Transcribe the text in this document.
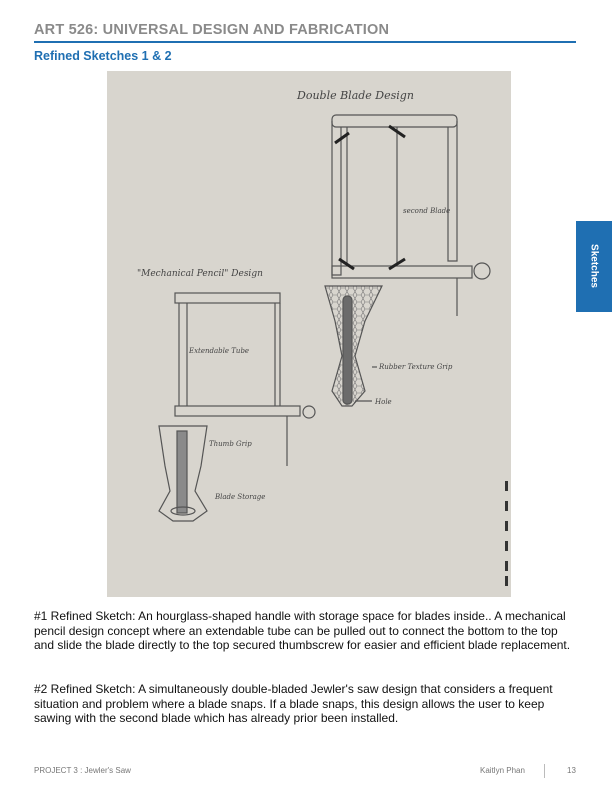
ART 526: UNIVERSAL DESIGN AND FABRICATION
Refined Sketches 1 & 2
Double Blade Design
"Mechanical Pencil" Design
second Blade
Rubber Texture Grip
Hole
Extendable Tube
Thumb Grip
Blade Storage
Sketches
#1 Refined Sketch: An hourglass-shaped handle with storage space for blades inside.. A mechanical pencil design concept where an extendable tube can be pulled out to connect the bottom to the top and slide the blade directly to the top secured thumbscrew for easier and efficient blade replacement.
#2 Refined Sketch: A simultaneously double-bladed Jewler's saw design that considers a frequent situation and problem where a blade snaps. If a blade snaps, this design allows the user to keep sawing with the second blade which has already prior been installed.
PROJECT 3 : Jewler's Saw	Kaitlyn Phan	13
